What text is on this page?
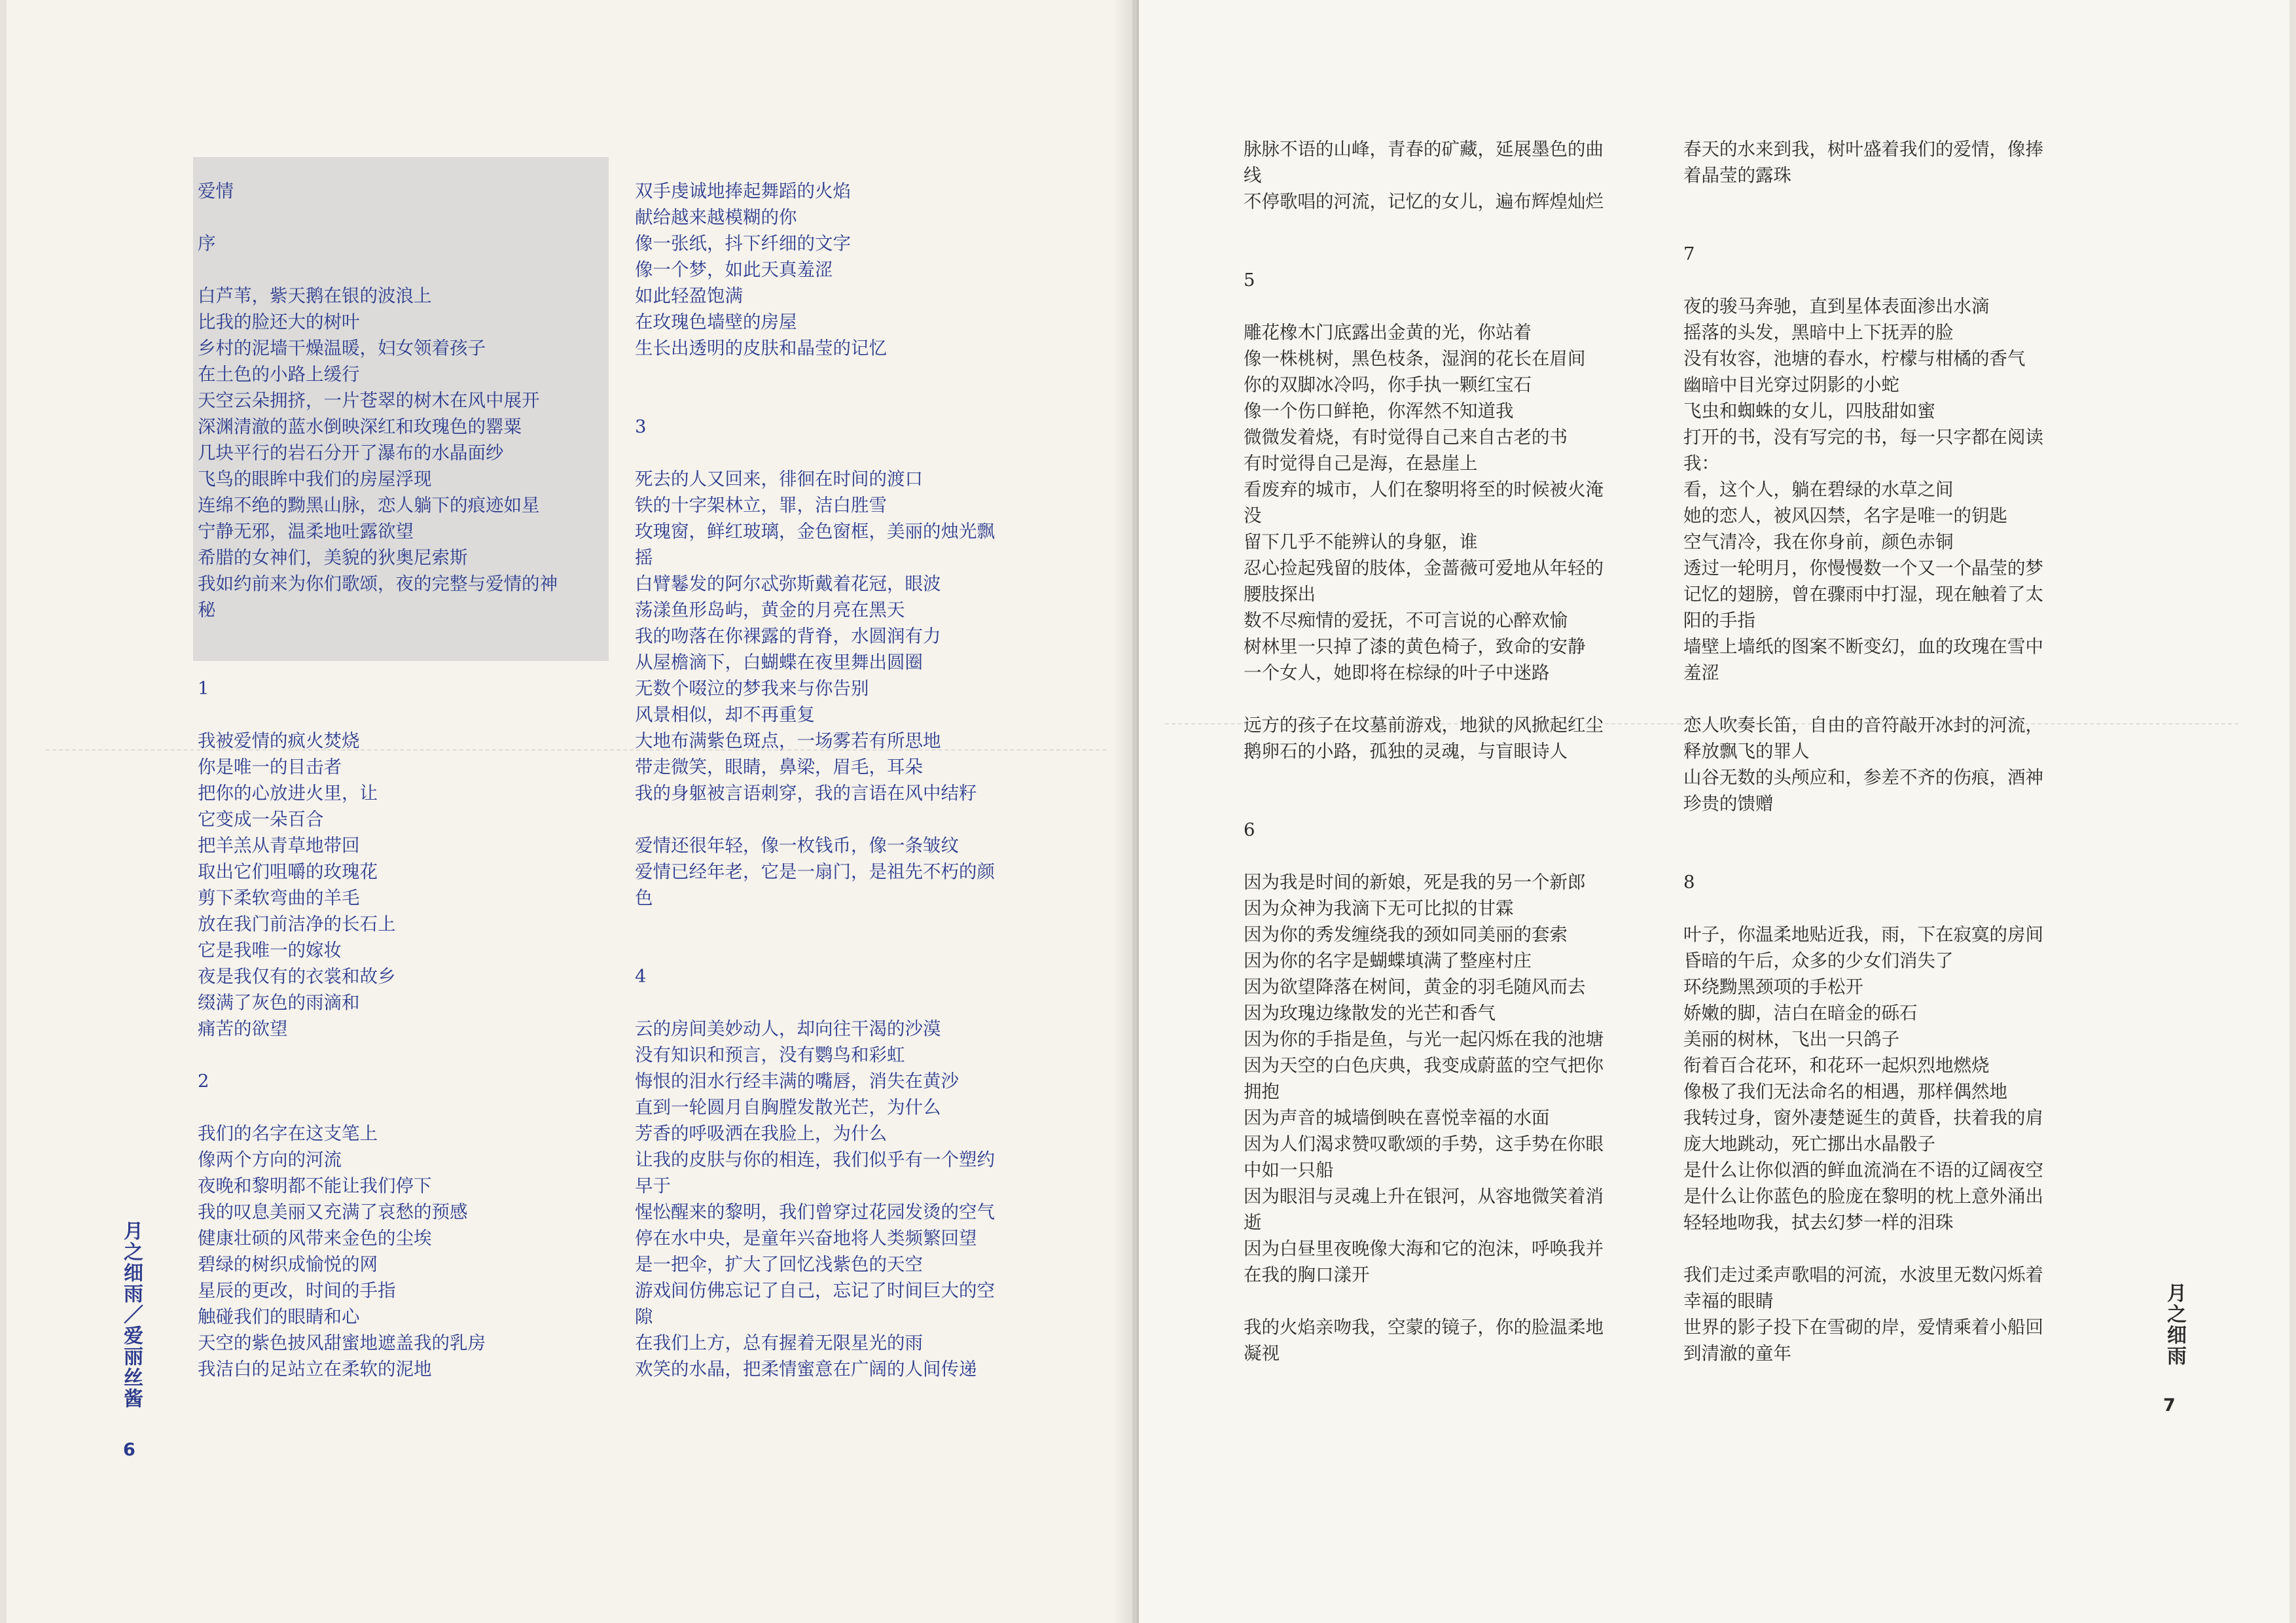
爱情
序
白芦苇，紫天鹅在银的波浪上
比我的脸还大的树叶
乡村的泥墙干燥温暖，妇女领着孩子
在土色的小路上缓行
天空云朵拥挤，一片苍翠的树木在风中展开
深渊清澈的蓝水倒映深红和玫瑰色的罂粟
几块平行的岩石分开了瀑布的水晶面纱
飞鸟的眼眸中我们的房屋浮现
连绵不绝的黝黑山脉，恋人躺下的痕迹如星
宁静无邪，温柔地吐露欲望
希腊的女神们，美貌的狄奥尼索斯
我如约前来为你们歌颂，夜的完整与爱情的神
秘
1
我被爱情的疯火焚烧
你是唯一的目击者
把你的心放进火里，让
它变成一朵百合
把羊羔从青草地带回
取出它们咀嚼的玫瑰花
剪下柔软弯曲的羊毛
放在我门前洁净的长石上
它是我唯一的嫁妆
夜是我仅有的衣裳和故乡
缀满了灰色的雨滴和
痛苦的欲望
2
我们的名字在这支笔上
像两个方向的河流
夜晚和黎明都不能让我们停下
我的叹息美丽又充满了哀愁的预感
健康壮硕的风带来金色的尘埃
碧绿的树织成愉悦的网
星辰的更改，时间的手指
触碰我们的眼睛和心
天空的紫色披风甜蜜地遮盖我的乳房
我洁白的足站立在柔软的泥地
双手虔诚地捧起舞蹈的火焰
献给越来越模糊的你
像一张纸，抖下纤细的文字
像一个梦，如此天真羞涩
如此轻盈饱满
在玫瑰色墙壁的房屋
生长出透明的皮肤和晶莹的记忆
3
死去的人又回来，徘徊在时间的渡口
铁的十字架林立，罪，洁白胜雪
玫瑰窗，鲜红玻璃，金色窗框，美丽的烛光飘
摇
白臂鬈发的阿尔忒弥斯戴着花冠，眼波
荡漾鱼形岛屿，黄金的月亮在黑天
我的吻落在你裸露的背脊，水圆润有力
从屋檐滴下，白蝴蝶在夜里舞出圆圈
无数个啜泣的梦我来与你告别
风景相似，却不再重复
大地布满紫色斑点，一场雾若有所思地
带走微笑，眼睛，鼻梁，眉毛，耳朵
我的身躯被言语刺穿，我的言语在风中结籽
爱情还很年轻，像一枚钱币，像一条皱纹
爱情已经年老，它是一扇门，是祖先不朽的颜
色
4
云的房间美妙动人，却向往干渴的沙漠
没有知识和预言，没有鹦鸟和彩虹
悔恨的泪水行经丰满的嘴唇，消失在黄沙
直到一轮圆月自胸膛发散光芒，为什么
芳香的呼吸洒在我脸上，为什么
让我的皮肤与你的相连，我们似乎有一个塑约
早于
惺忪醒来的黎明，我们曾穿过花园发烫的空气
停在水中央，是童年兴奋地将人类频繁回望
是一把伞，扩大了回忆浅紫色的天空
游戏间仿佛忘记了自己，忘记了时间巨大的空
隙
在我们上方，总有握着无限星光的雨
欢笑的水晶，把柔情蜜意在广阔的人间传递
月之细雨／爱丽丝酱
6
脉脉不语的山峰，青春的矿藏，延展墨色的曲
线
不停歌唱的河流，记忆的女儿，遍布辉煌灿烂
5
雕花橡木门底露出金黄的光，你站着
像一株桃树，黑色枝条，湿润的花长在眉间
你的双脚冰冷吗，你手执一颗红宝石
像一个伤口鲜艳，你浑然不知道我
微微发着烧，有时觉得自己来自古老的书
有时觉得自己是海，在悬崖上
看废弃的城市，人们在黎明将至的时候被火淹
没
留下几乎不能辨认的身躯，谁
忍心捡起残留的肢体，金蔷薇可爱地从年轻的
腰肢探出
数不尽痴情的爱抚，不可言说的心醉欢愉
树林里一只掉了漆的黄色椅子，致命的安静
一个女人，她即将在棕绿的叶子中迷路
远方的孩子在坟墓前游戏，地狱的风掀起红尘
鹅卵石的小路，孤独的灵魂，与盲眼诗人
6
因为我是时间的新娘，死是我的另一个新郎
因为众神为我滴下无可比拟的甘霖
因为你的秀发缠绕我的颈如同美丽的套索
因为你的名字是蝴蝶填满了整座村庄
因为欲望降落在树间，黄金的羽毛随风而去
因为玫瑰边缘散发的光芒和香气
因为你的手指是鱼，与光一起闪烁在我的池塘
因为天空的白色庆典，我变成蔚蓝的空气把你
拥抱
因为声音的城墙倒映在喜悦幸福的水面
因为人们渴求赞叹歌颂的手势，这手势在你眼
中如一只船
因为眼泪与灵魂上升在银河，从容地微笑着消
逝
因为白昼里夜晚像大海和它的泡沫，呼唤我并
在我的胸口漾开
我的火焰亲吻我，空蒙的镜子，你的脸温柔地
凝视
春天的水来到我，树叶盛着我们的爱情，像捧
着晶莹的露珠
7
夜的骏马奔驰，直到星体表面渗出水滴
摇落的头发，黑暗中上下抚弄的脸
没有妆容，池塘的春水，柠檬与柑橘的香气
幽暗中目光穿过阴影的小蛇
飞虫和蜘蛛的女儿，四肢甜如蜜
打开的书，没有写完的书，每一只字都在阅读
我：
看，这个人，躺在碧绿的水草之间
她的恋人，被风囚禁，名字是唯一的钥匙
空气清冷，我在你身前，颜色赤铜
透过一轮明月，你慢慢数一个又一个晶莹的梦
记忆的翅膀，曾在骤雨中打湿，现在触着了太
阳的手指
墙壁上墙纸的图案不断变幻，血的玫瑰在雪中
羞涩
恋人吹奏长笛，自由的音符敲开冰封的河流，
释放飘飞的罪人
山谷无数的头颅应和，参差不齐的伤痕，酒神
珍贵的馈赠
8
叶子，你温柔地贴近我，雨，下在寂寞的房间
昏暗的午后，众多的少女们消失了
环绕黝黑颈项的手松开
娇嫩的脚，洁白在暗金的砾石
美丽的树林，飞出一只鸽子
衔着百合花环，和花环一起炽烈地燃烧
像极了我们无法命名的相遇，那样偶然地
我转过身，窗外凄楚诞生的黄昏，扶着我的肩
庞大地跳动，死亡挪出水晶骰子
是什么让你似酒的鲜血流淌在不语的辽阔夜空
是什么让你蓝色的脸庞在黎明的枕上意外涌出
轻轻地吻我，拭去幻梦一样的泪珠
我们走过柔声歌唱的河流，水波里无数闪烁着
幸福的眼睛
世界的影子投下在雪砌的岸，爱情乘着小船回
到清澈的童年	月之细雨
7
